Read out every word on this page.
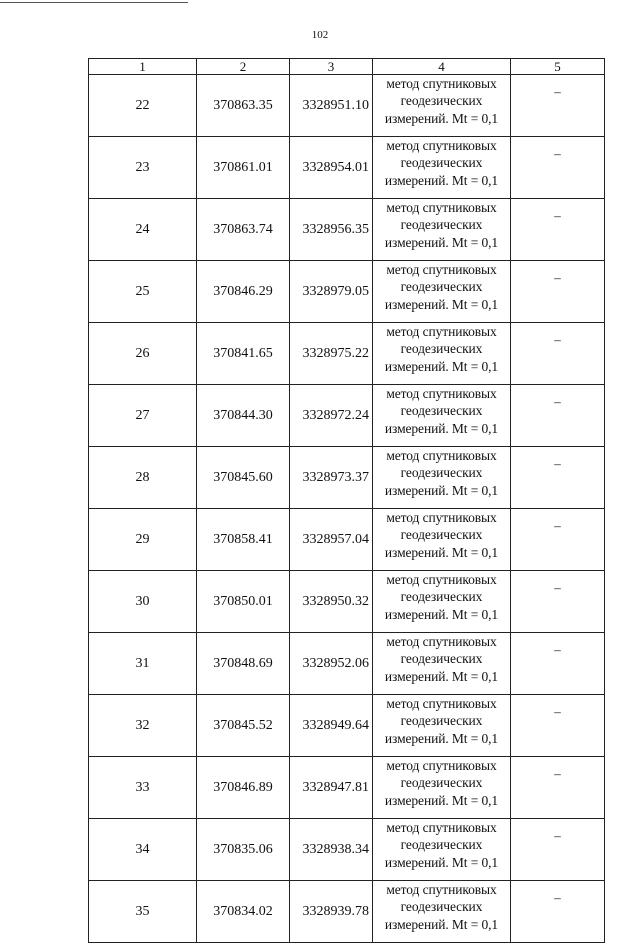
102
1	2	3	4	5
22	370863.35	3328951.10	метод спутниковых
геодезических
измерений. Mt = 0,1	–
23	370861.01	3328954.01	метод спутниковых
геодезических
измерений. Mt = 0,1	–
24	370863.74	3328956.35	метод спутниковых
геодезических
измерений. Mt = 0,1	–
25	370846.29	3328979.05	метод спутниковых
геодезических
измерений. Mt = 0,1	–
26	370841.65	3328975.22	метод спутниковых
геодезических
измерений. Mt = 0,1	–
27	370844.30	3328972.24	метод спутниковых
геодезических
измерений. Mt = 0,1	–
28	370845.60	3328973.37	метод спутниковых
геодезических
измерений. Mt = 0,1	–
29	370858.41	3328957.04	метод спутниковых
геодезических
измерений. Mt = 0,1	–
30	370850.01	3328950.32	метод спутниковых
геодезических
измерений. Mt = 0,1	–
31	370848.69	3328952.06	метод спутниковых
геодезических
измерений. Mt = 0,1	–
32	370845.52	3328949.64	метод спутниковых
геодезических
измерений. Mt = 0,1	–
33	370846.89	3328947.81	метод спутниковых
геодезических
измерений. Mt = 0,1	–
34	370835.06	3328938.34	метод спутниковых
геодезических
измерений. Mt = 0,1	–
35	370834.02	3328939.78	метод спутниковых
геодезических
измерений. Mt = 0,1	–
